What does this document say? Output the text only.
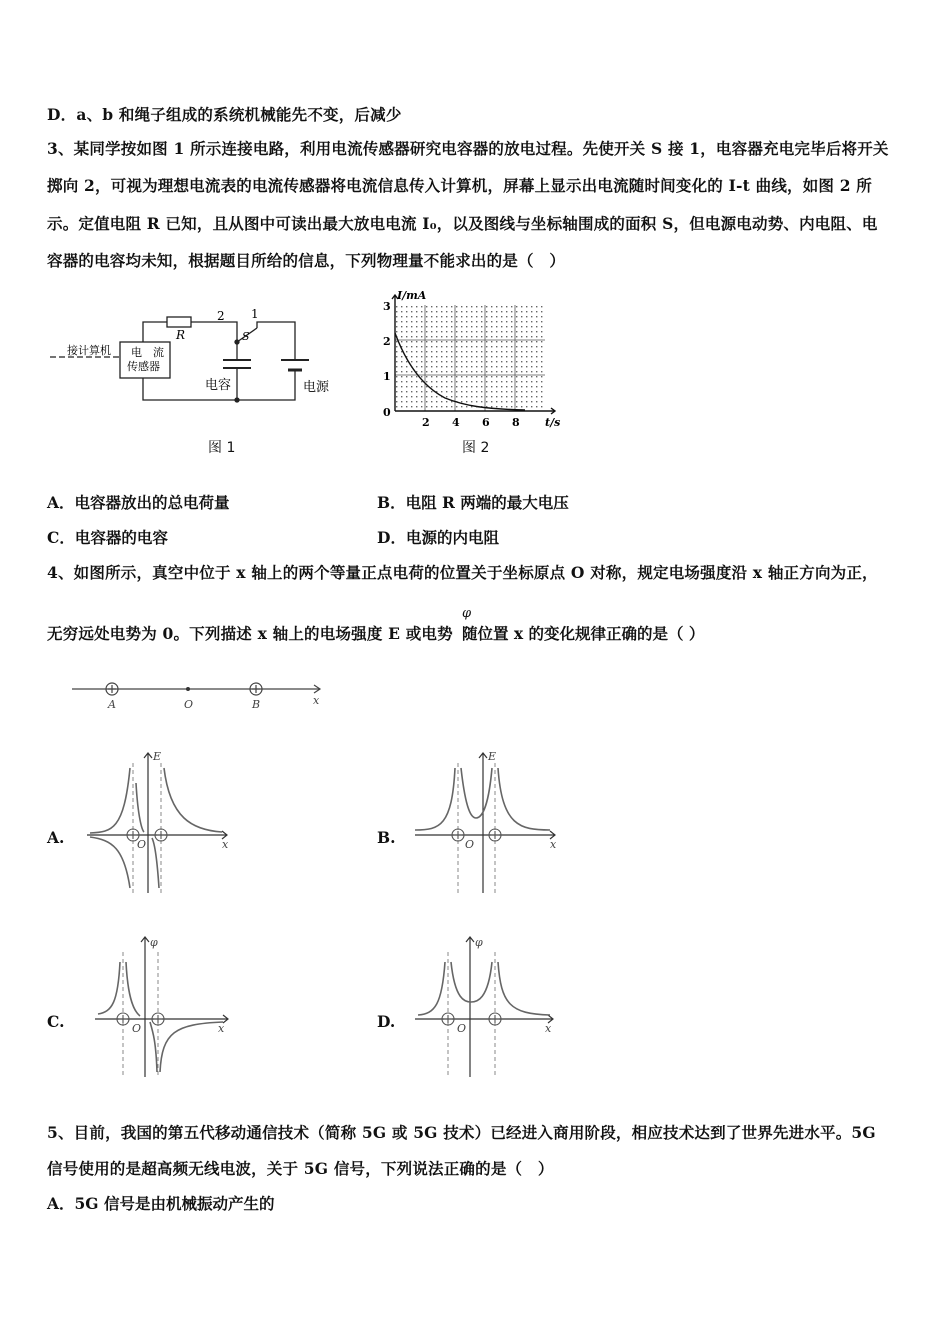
D．a、b 和绳子组成的系统机械能先不变，后减少
3、某同学按如图 1 所示连接电路，利用电流传感器研究电容器的放电过程。先使开关 S 接 1，电容器充电完毕后将开关
掷向 2，可视为理想电流表的电流传感器将电流信息传入计算机，屏幕上显示出电流随时间变化的 I-t 曲线，如图 2 所
示。定值电阻 R 已知，且从图中可读出最大放电电流 I₀，以及图线与坐标轴围成的面积 S，但电源电动势、内电阻、电
容器的电容均未知，根据题目所给的信息，下列物理量不能求出的是（　）
接计算机 电　流
传感器
R
2 1
S
电容	电源
图 1
I/mA
t/s
0
1
2
3
2 4 6 8
图 2
A．电容器放出的总电荷量	B．电阻 R 两端的最大电压
C．电容器的电容	D．电源的内电阻
4、如图所示，真空中位于 x 轴上的两个等量正点电荷的位置关于坐标原点 O 对称，规定电场强度沿 x 轴正方向为正，
无穷远处电势为 0。下列描述 x 轴上的电场强度 E 或电势
φ
随位置 x 的变化规律正确的是（ ）
A	O	B	x
A.	B.
C.	D.
E
O	x
E
O	x
φ
O	x
φ
O	x
5、目前，我国的第五代移动通信技术（简称 5G 或 5G 技术）已经进入商用阶段，相应技术达到了世界先进水平。5G
信号使用的是超高频无线电波，关于 5G 信号，下列说法正确的是（　）
A．5G 信号是由机械振动产生的
